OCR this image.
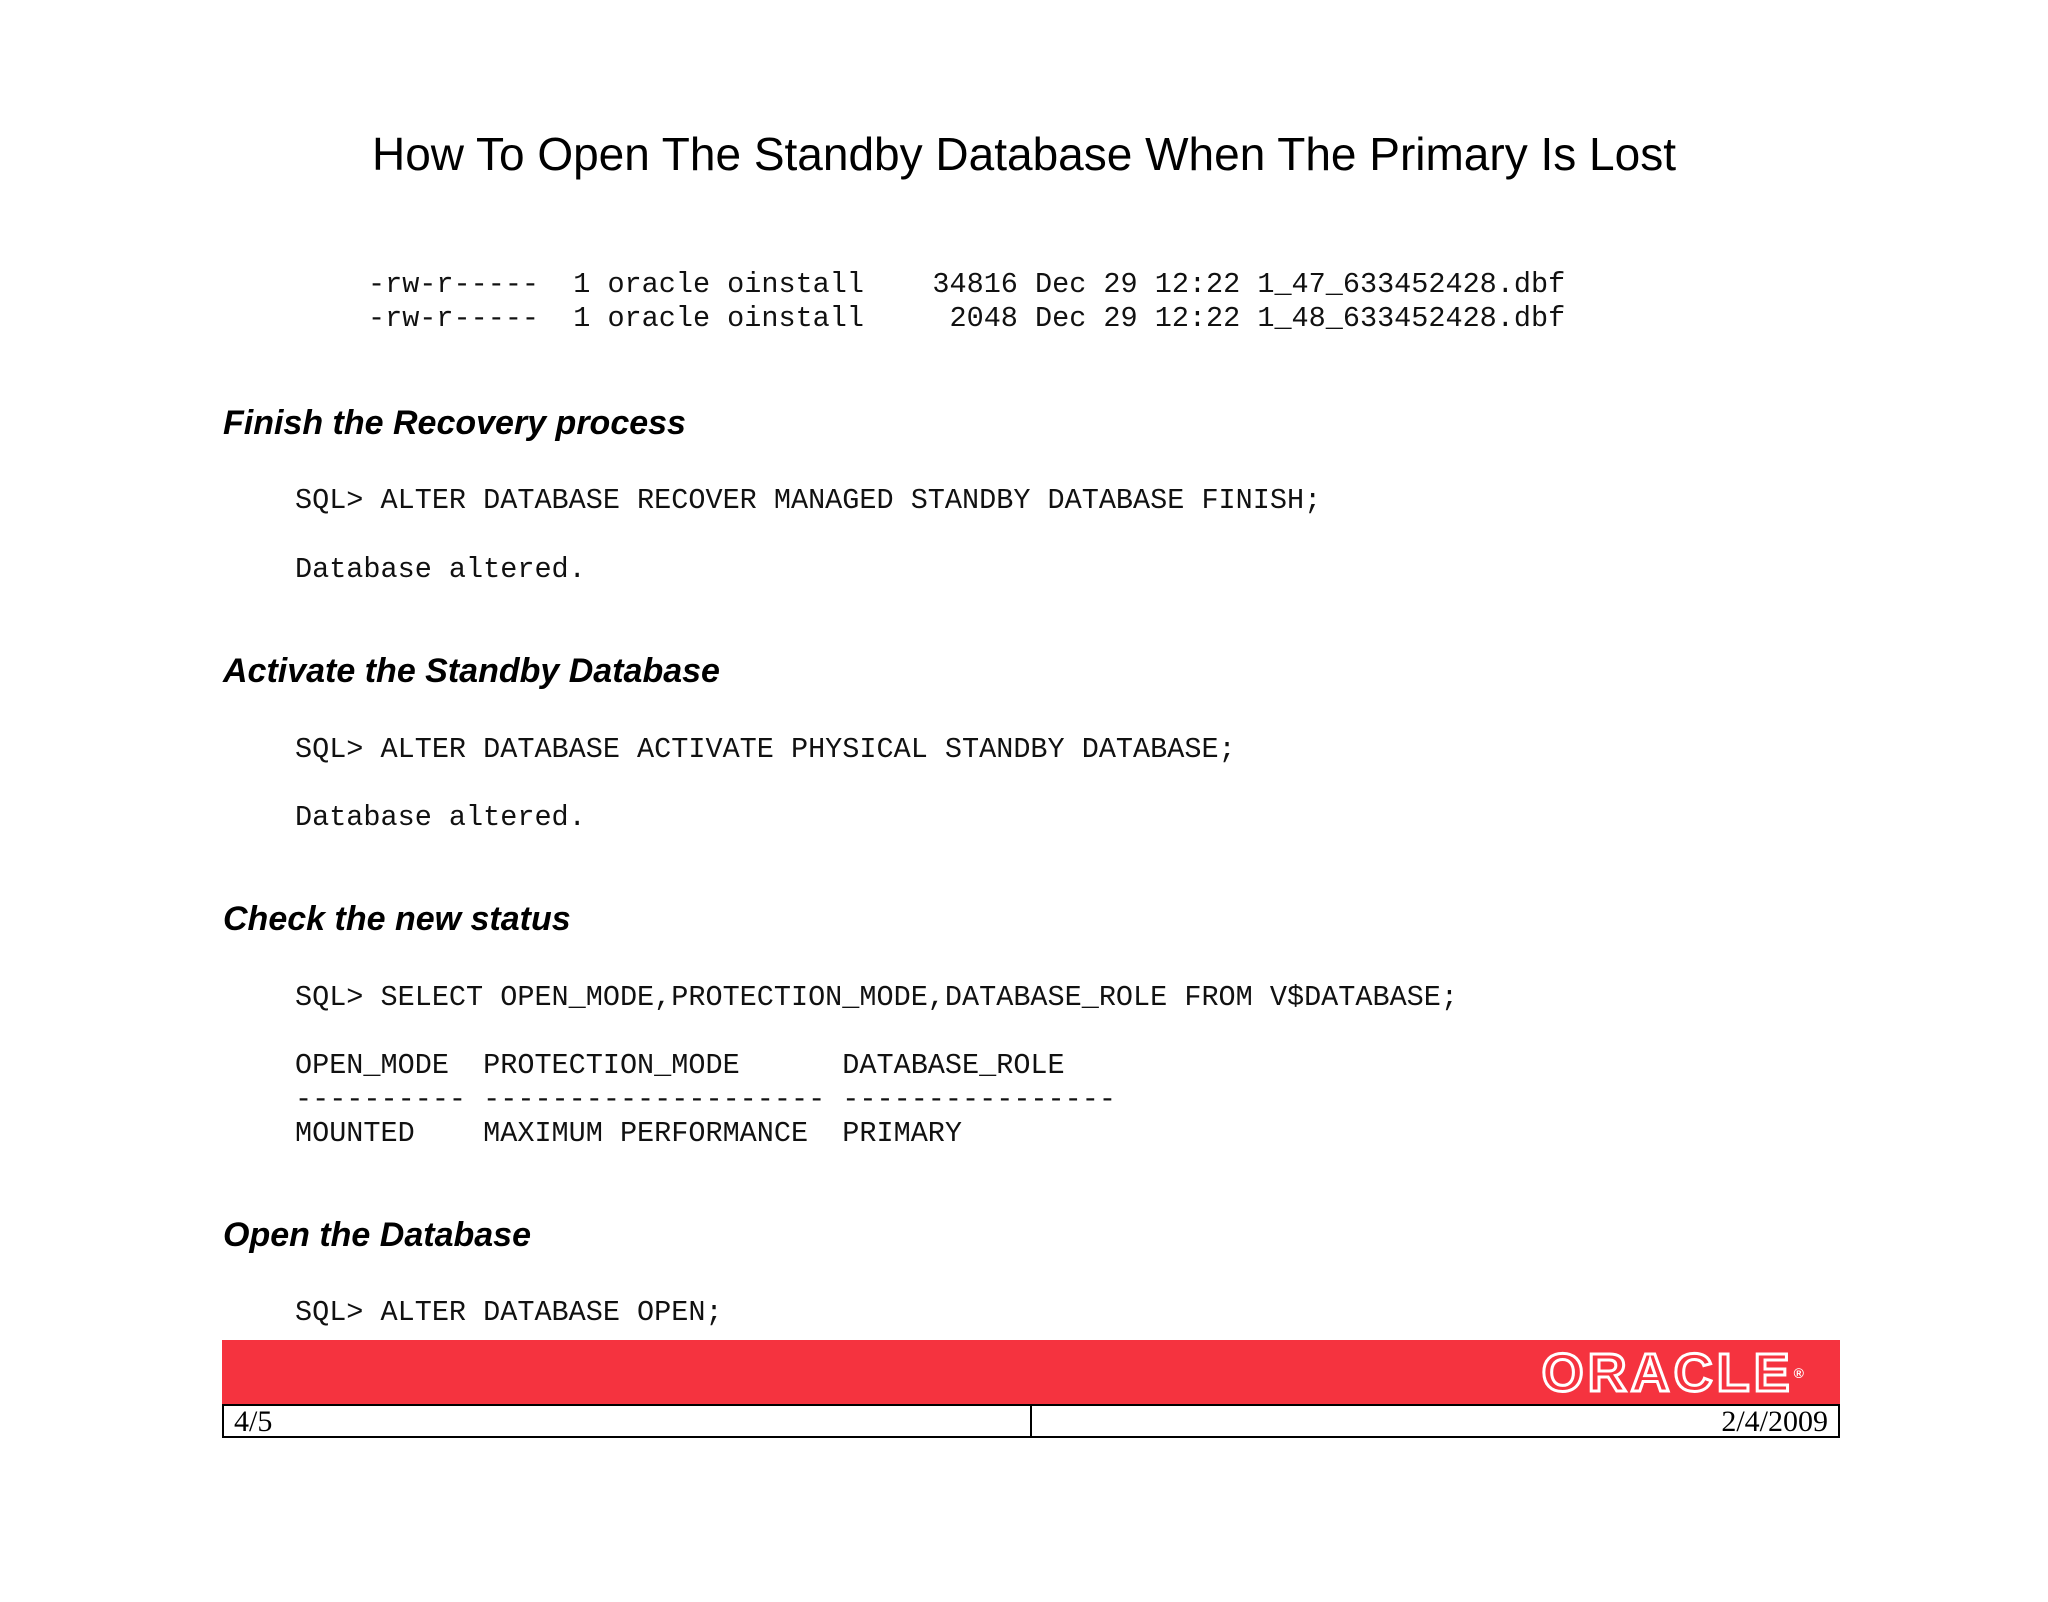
How To Open The Standby Database When The Primary Is Lost
-rw-r-----  1 oracle oinstall    34816 Dec 29 12:22 1_47_633452428.dbf
-rw-r-----  1 oracle oinstall     2048 Dec 29 12:22 1_48_633452428.dbf
Finish the Recovery process
SQL> ALTER DATABASE RECOVER MANAGED STANDBY DATABASE FINISH;
Database altered.
Activate the Standby Database
SQL> ALTER DATABASE ACTIVATE PHYSICAL STANDBY DATABASE;
Database altered.
Check the new status
SQL> SELECT OPEN_MODE,PROTECTION_MODE,DATABASE_ROLE FROM V$DATABASE;
OPEN_MODE  PROTECTION_MODE      DATABASE_ROLE
---------- -------------------- ----------------
MOUNTED    MAXIMUM PERFORMANCE  PRIMARY
Open the Database
SQL> ALTER DATABASE OPEN;
ORACLE®
4/5	2/4/2009
